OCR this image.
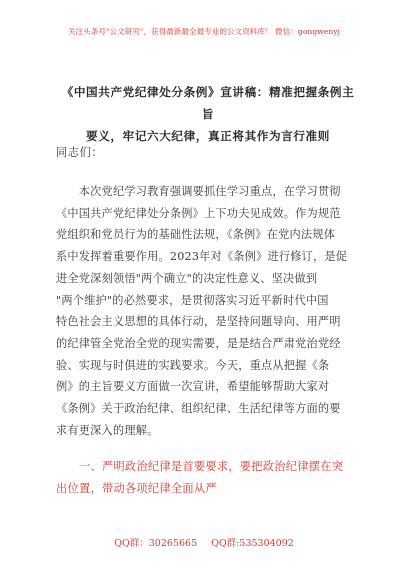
关注头条号"公文研究"，获得最新最全最专业的公文资料库！ 微信：gongwenyj
《中国共产党纪律处分条例》宣讲稿：精准把握条例主旨
要义，牢记六大纪律，真正将其作为言行准则
同志们：
　　本次党纪学习教育强调要抓住学习重点，在学习贯彻
《中国共产党纪律处分条例》上下功夫见成效。作为规范
党组织和党员行为的基础性法规，《条例》在党内法规体
系中发挥着重要作用。2023年对《条例》进行修订，是促
进全党深刻领悟"两个确立"的决定性意义、坚决做到
"两个维护"的必然要求，是贯彻落实习近平新时代中国
特色社会主义思想的具体行动，是坚持问题导向、用严明
的纪律管全党治全党的现实需要，是是结合严肃党治党经
验、实现与时俱进的实践要求。今天，重点从把握《条
例》的主旨要义方面做一次宣讲，希望能够帮助大家对
《条例》关于政治纪律、组织纪律、生活纪律等方面的要
求有更深入的理解。
　　一、严明政治纪律是首要要求，要把政治纪律摆在突
出位置，带动各项纪律全面从严
QQ群：30265665 QQ群:535304092
